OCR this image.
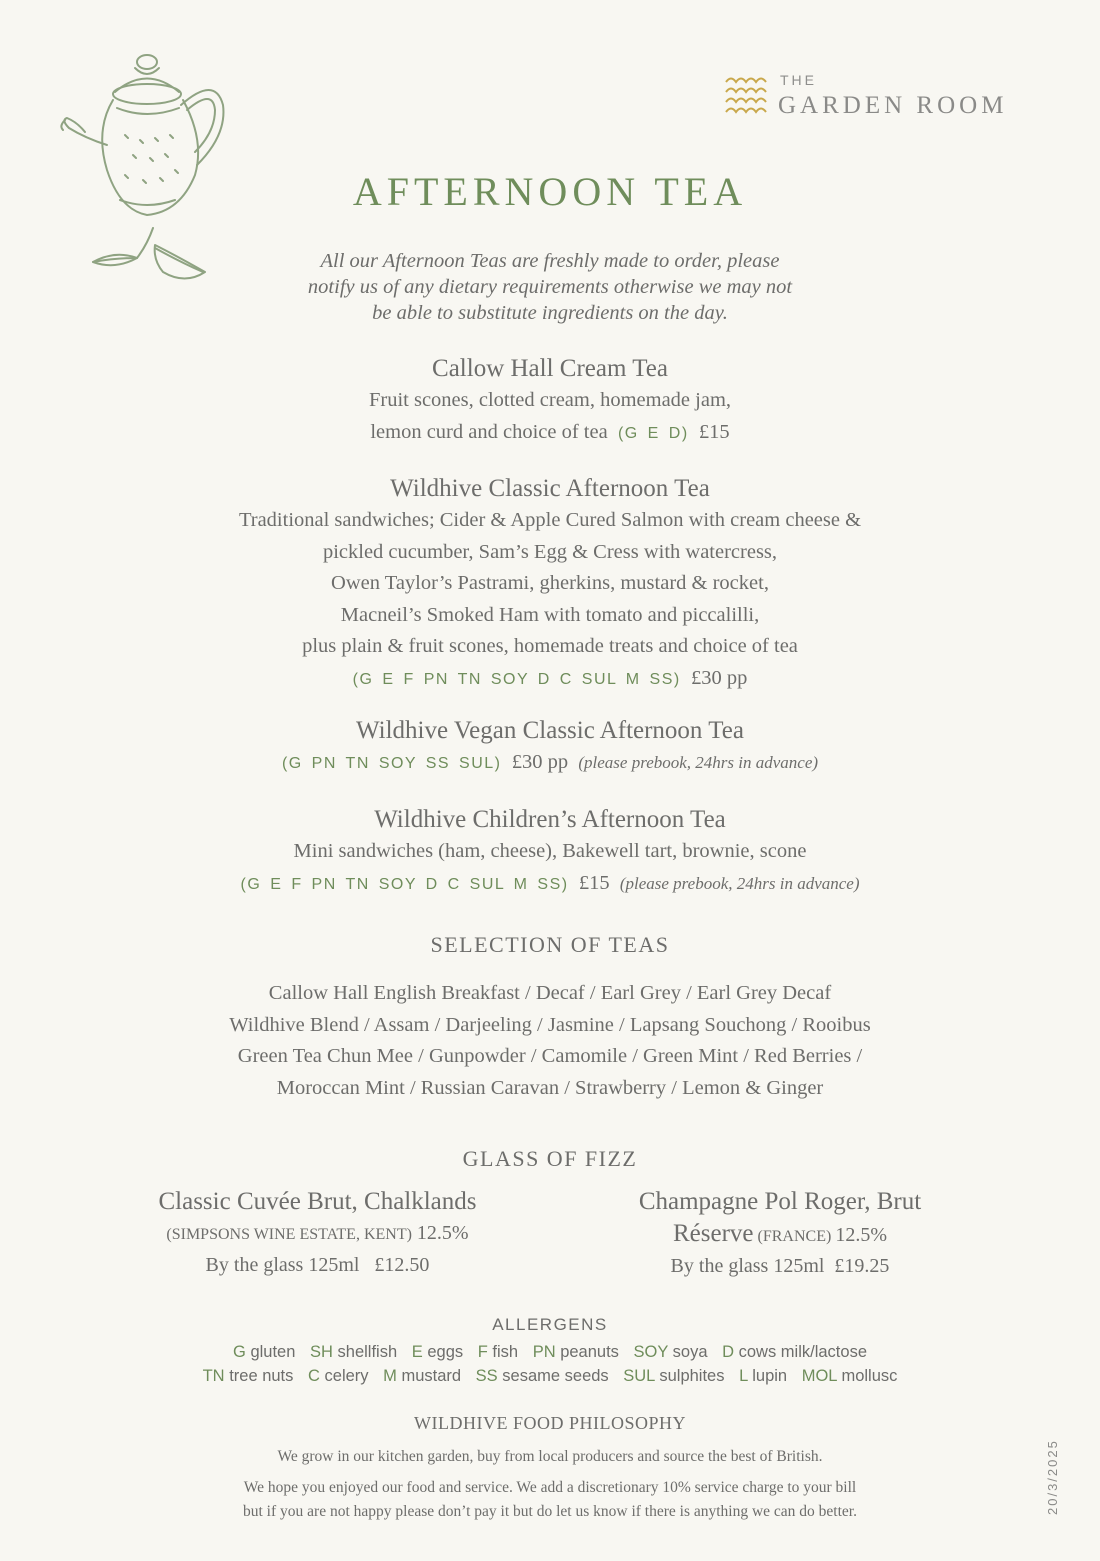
THE
GARDEN ROOM
AFTERNOON TEA
All our Afternoon Teas are freshly made to order, please
notify us of any dietary requirements otherwise we may not
be able to substitute ingredients on the day.
Callow Hall Cream Tea
Fruit scones, clotted cream, homemade jam,
lemon curd and choice of tea (G E D) £15
Wildhive Classic Afternoon Tea
Traditional sandwiches; Cider & Apple Cured Salmon with cream cheese &
pickled cucumber, Sam’s Egg & Cress with watercress,
Owen Taylor’s Pastrami, gherkins, mustard & rocket,
Macneil’s Smoked Ham with tomato and piccalilli,
plus plain & fruit scones, homemade treats and choice of tea
(G E F PN TN SOY D C SUL M SS) £30 pp
Wildhive Vegan Classic Afternoon Tea
(G PN TN SOY SS SUL) £30 pp (please prebook, 24hrs in advance)
Wildhive Children’s Afternoon Tea
Mini sandwiches (ham, cheese), Bakewell tart, brownie, scone
(G E F PN TN SOY D C SUL M SS) £15 (please prebook, 24hrs in advance)
SELECTION OF TEAS
Callow Hall English Breakfast / Decaf / Earl Grey / Earl Grey Decaf
Wildhive Blend / Assam / Darjeeling / Jasmine / Lapsang Souchong / Rooibus
Green Tea Chun Mee / Gunpowder / Camomile / Green Mint / Red Berries /
Moroccan Mint / Russian Caravan / Strawberry / Lemon & Ginger
GLASS OF FIZZ
Classic Cuvée Brut, Chalklands
(SIMPSONS WINE ESTATE, KENT) 12.5%
By the glass 125ml   £12.50
Champagne Pol Roger, Brut
Réserve (FRANCE) 12.5%
By the glass 125ml  £19.25
ALLERGENS
G gluten SH shellfish E eggs F fish PN peanuts SOY soya D cows milk/lactose
TN tree nuts C celery M mustard SS sesame seeds SUL sulphites L lupin MOL mollusc
WILDHIVE FOOD PHILOSOPHY
We grow in our kitchen garden, buy from local producers and source the best of British.
We hope you enjoyed our food and service. We add a discretionary 10% service charge to your bill
but if you are not happy please don’t pay it but do let us know if there is anything we can do better.	20/3/2025
